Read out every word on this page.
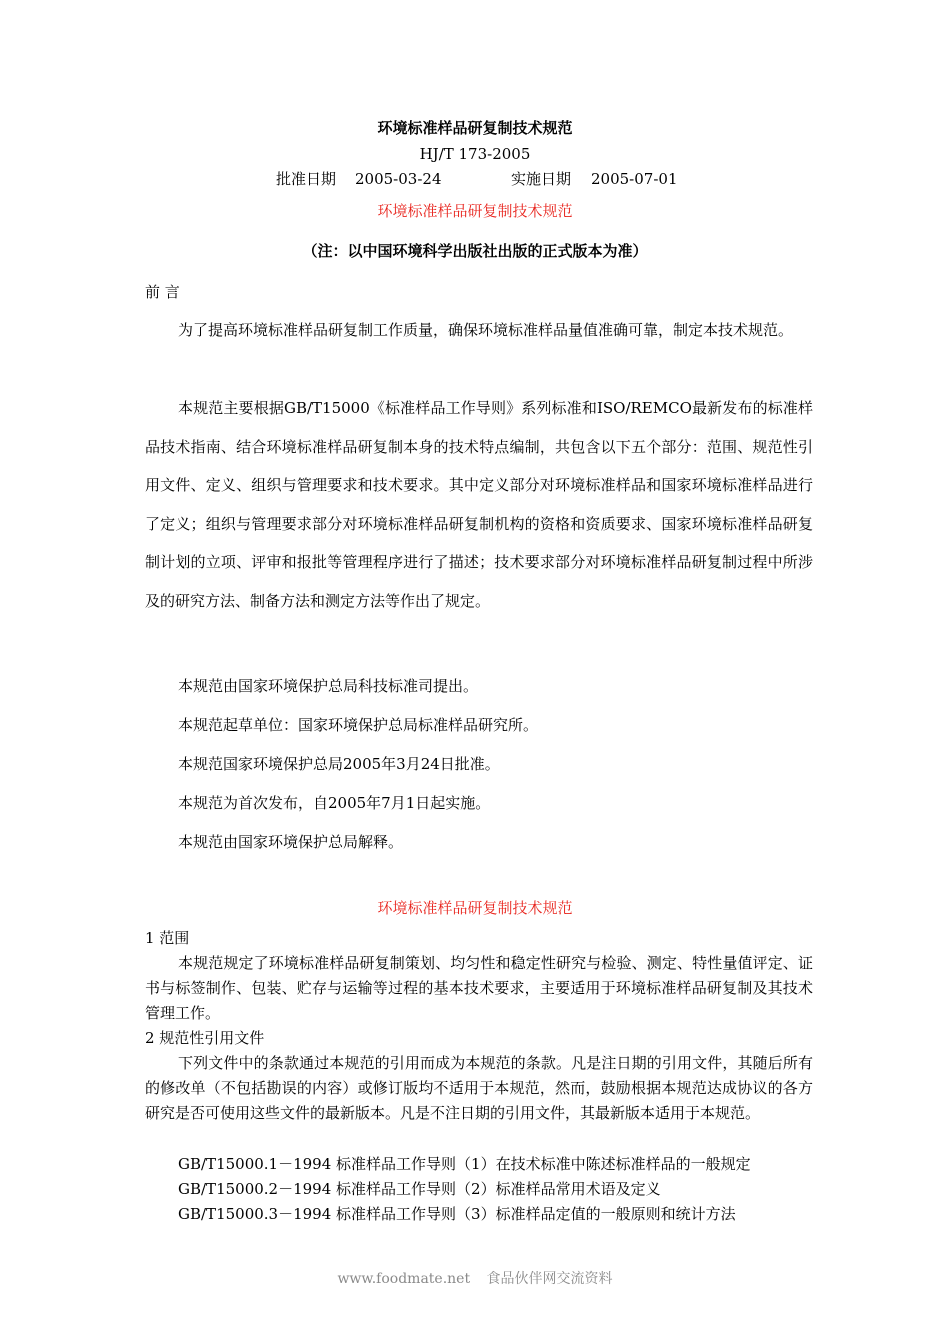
环境标准样品研复制技术规范
HJ/T 173-2005
批准日期 2005-03-24	实施日期 2005-07-01
环境标准样品研复制技术规范
（注：以中国环境科学出版社出版的正式版本为准）
前 言
为了提高环境标准样品研复制工作质量，确保环境标准样品量值准确可靠，制定本技术规范。
本规范主要根据GB/T15000《标准样品工作导则》系列标准和ISO/REMCO最新发布的标准样品技术指南、结合环境标准样品研复制本身的技术特点编制，共包含以下五个部分：范围、规范性引用文件、定义、组织与管理要求和技术要求。其中定义部分对环境标准样品和国家环境标准样品进行了定义；组织与管理要求部分对环境标准样品研复制机构的资格和资质要求、国家环境标准样品研复制计划的立项、评审和报批等管理程序进行了描述；技术要求部分对环境标准样品研复制过程中所涉及的研究方法、制备方法和测定方法等作出了规定。
本规范由国家环境保护总局科技标准司提出。
本规范起草单位：国家环境保护总局标准样品研究所。
本规范国家环境保护总局2005年3月24日批准。
本规范为首次发布，自2005年7月1日起实施。
本规范由国家环境保护总局解释。
环境标准样品研复制技术规范
1 范围
本规范规定了环境标准样品研复制策划、均匀性和稳定性研究与检验、测定、特性量值评定、证书与标签制作、包装、贮存与运输等过程的基本技术要求，主要适用于环境标准样品研复制及其技术管理工作。
2 规范性引用文件
下列文件中的条款通过本规范的引用而成为本规范的条款。凡是注日期的引用文件，其随后所有的修改单（不包括勘误的内容）或修订版均不适用于本规范，然而，鼓励根据本规范达成协议的各方研究是否可使用这些文件的最新版本。凡是不注日期的引用文件，其最新版本适用于本规范。
GB/T15000.1－1994 标准样品工作导则（1）在技术标准中陈述标准样品的一般规定
GB/T15000.2－1994 标准样品工作导则（2）标准样品常用术语及定义
GB/T15000.3－1994 标准样品工作导则（3）标准样品定值的一般原则和统计方法
www.foodmate.net 食品伙伴网交流资料
